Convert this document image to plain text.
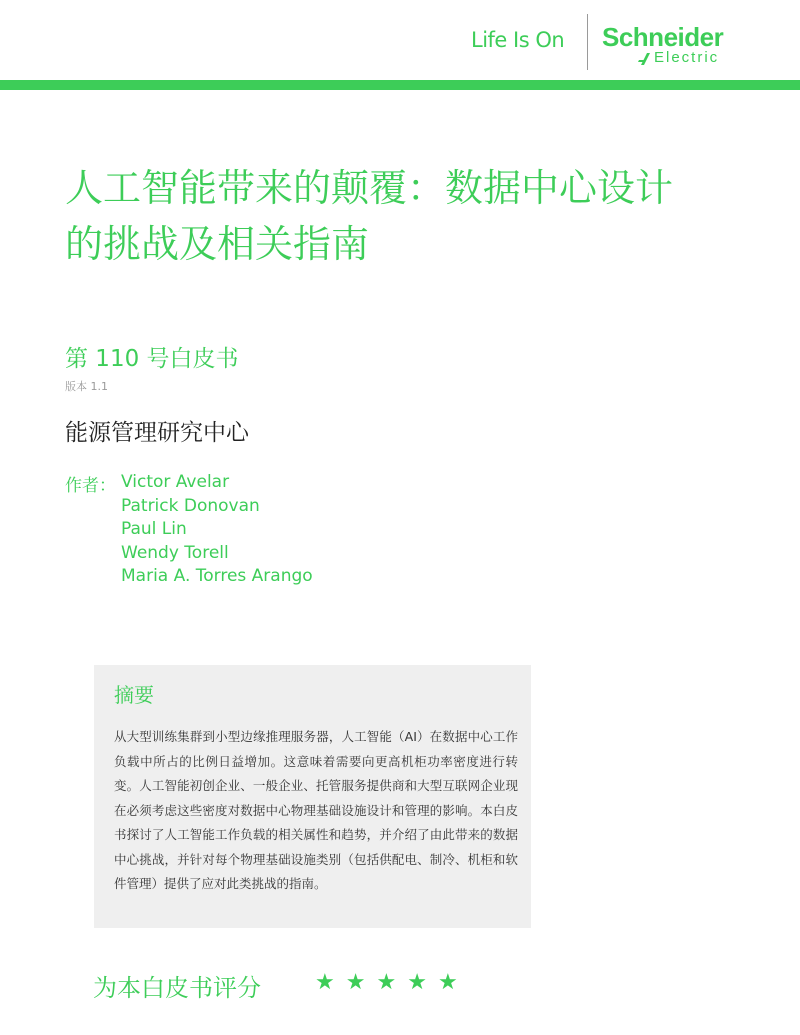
Life Is On Schneider
Electric
人工智能带来的颠覆：数据中心设计
的挑战及相关指南
第 110 号白皮书
版本 1.1
能源管理研究中心
作者： Victor Avelar
Patrick Donovan
Paul Lin
Wendy Torell
Maria A. Torres Arango
摘要

从大型训练集群到小型边缘推理服务器，人工智能（AI）在数据中心工作负载中所占的比例日益增加。这意味着需要向更高机柜功率密度进行转变。人工智能初创企业、一般企业、托管服务提供商和大型互联网企业现在必须考虑这些密度对数据中心物理基础设施设计和管理的影响。本白皮书探讨了人工智能工作负载的相关属性和趋势，并介绍了由此带来的数据中心挑战，并针对每个物理基础设施类别（包括供配电、制冷、机柜和软件管理）提供了应对此类挑战的指南。

为本白皮书评分 ★ ★ ★ ★ ★
